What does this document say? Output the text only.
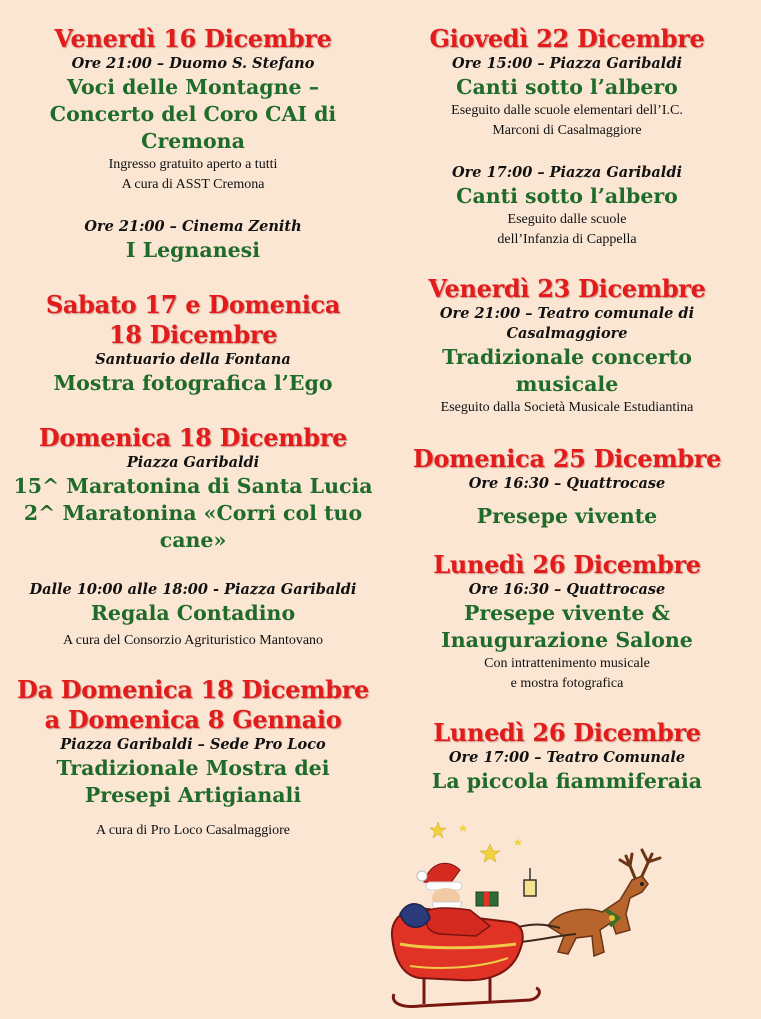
Venerdì 16 Dicembre
Ore 21:00 – Duomo S. Stefano
Voci delle Montagne –
Concerto del Coro CAI di
Cremona
Ingresso gratuito aperto a tutti
A cura di ASST Cremona
Ore 21:00 – Cinema Zenith
I Legnanesi
Sabato 17 e Domenica
18 Dicembre
Santuario della Fontana
Mostra fotografica l’Ego
Domenica 18 Dicembre
Piazza Garibaldi
15^ Maratonina di Santa Lucia
2^ Maratonina «Corri col tuo
cane»
Dalle 10:00 alle 18:00 - Piazza Garibaldi
Regala Contadino
A cura del Consorzio Agrituristico Mantovano
Da Domenica 18 Dicembre
a Domenica 8 Gennaio
Piazza Garibaldi – Sede Pro Loco
Tradizionale Mostra dei
Presepi Artigianali
A cura di Pro Loco Casalmaggiore
Giovedì 22 Dicembre
Ore 15:00 – Piazza Garibaldi
Canti sotto l’albero
Eseguito dalle scuole elementari dell’I.C.
Marconi di Casalmaggiore
Ore 17:00 – Piazza Garibaldi
Canti sotto l’albero
Eseguito dalle scuole
dell’Infanzia di Cappella
Venerdì 23 Dicembre
Ore 21:00 – Teatro comunale di
Casalmaggiore
Tradizionale concerto
musicale
Eseguito dalla Società Musicale Estudiantina
Domenica 25 Dicembre
Ore 16:30 – Quattrocase
Presepe vivente
Lunedì 26 Dicembre
Ore 16:30 – Quattrocase
Presepe vivente &
Inaugurazione Salone
Con intrattenimento musicale
e mostra fotografica
Lunedì 26 Dicembre
Ore 17:00 – Teatro Comunale
La piccola fiammiferaia
